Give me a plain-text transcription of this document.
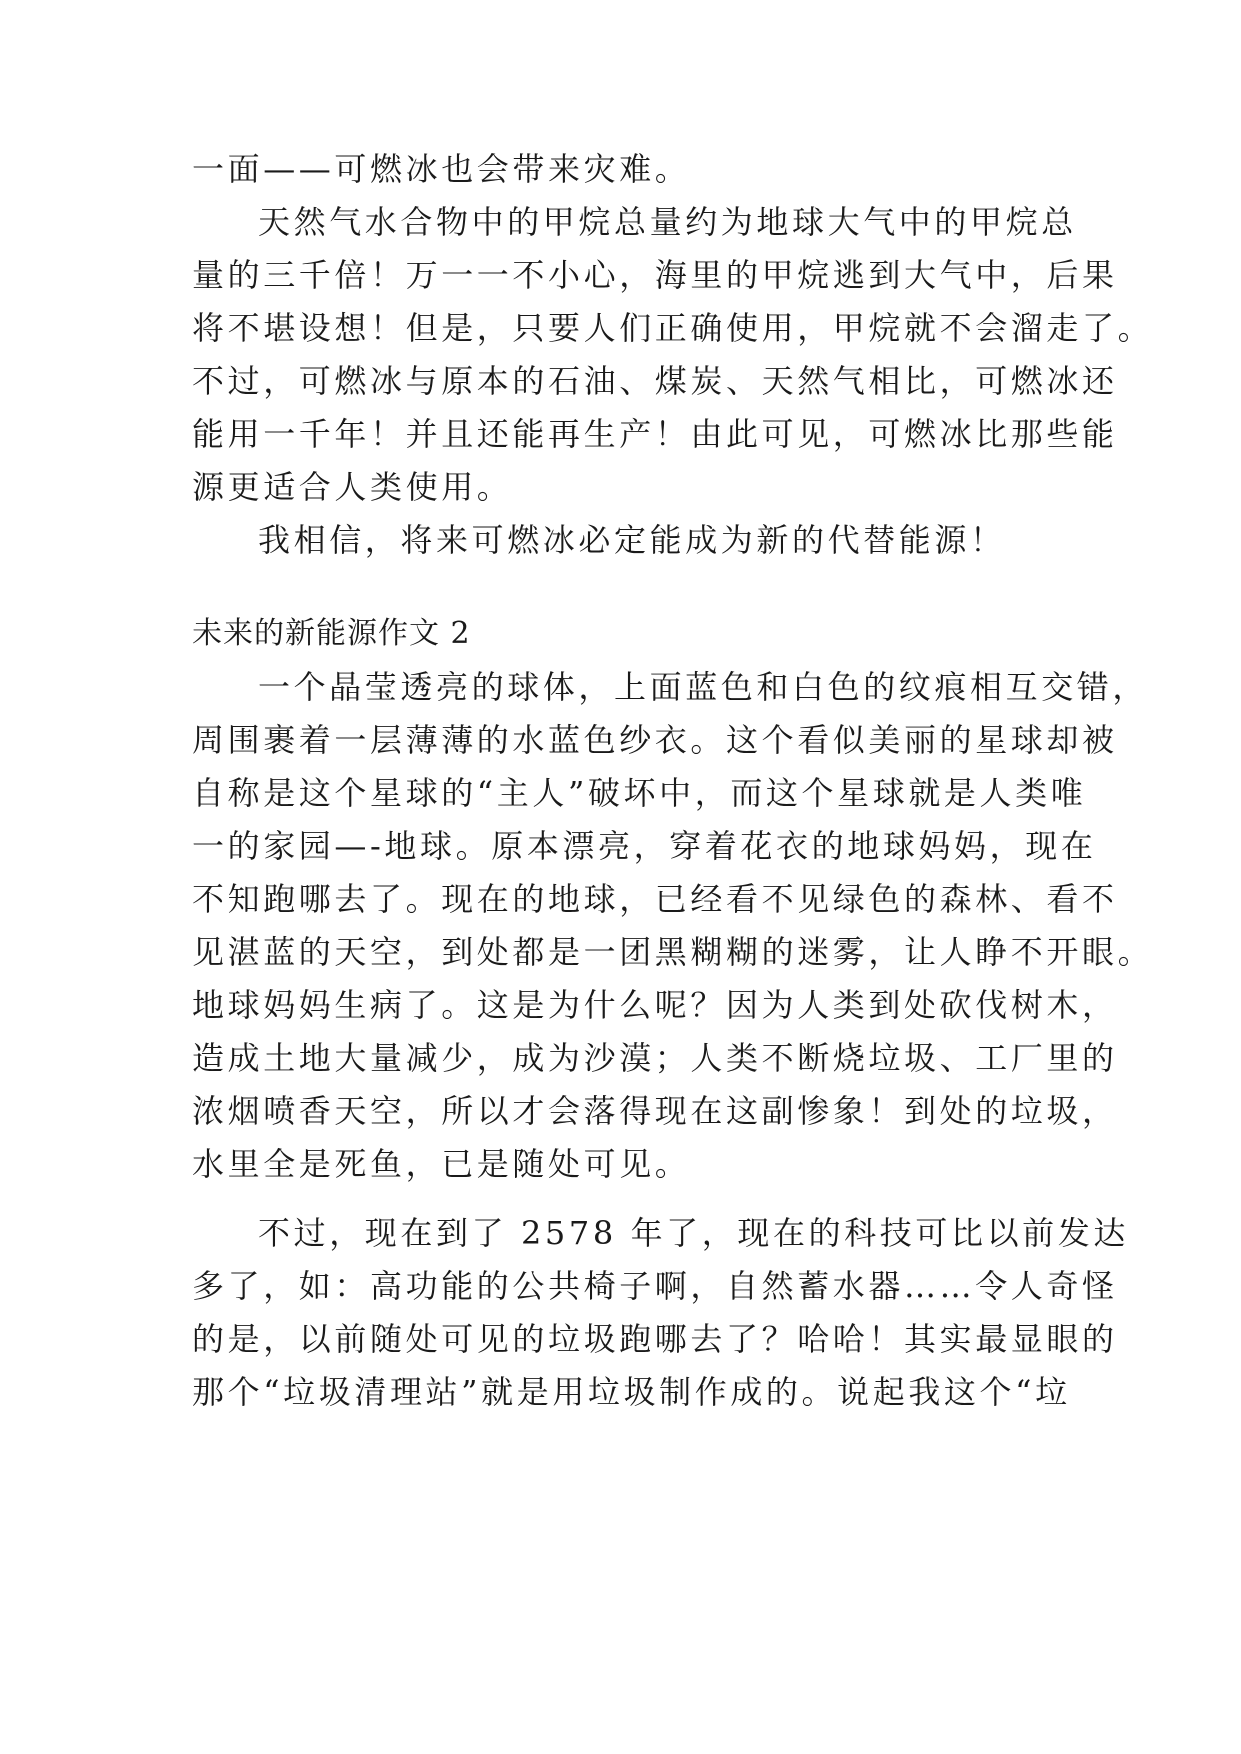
一面——可燃冰也会带来灾难。
天然气水合物中的甲烷总量约为地球大气中的甲烷总
量的三千倍！万一一不小心，海里的甲烷逃到大气中，后果
将不堪设想！但是，只要人们正确使用，甲烷就不会溜走了。
不过，可燃冰与原本的石油、煤炭、天然气相比，可燃冰还
能用一千年！并且还能再生产！由此可见，可燃冰比那些能
源更适合人类使用。
我相信，将来可燃冰必定能成为新的代替能源！
未来的新能源作文 2
一个晶莹透亮的球体，上面蓝色和白色的纹痕相互交错，
周围裹着一层薄薄的水蓝色纱衣。这个看似美丽的星球却被
自称是这个星球的“主人”破坏中，而这个星球就是人类唯
一的家园—-地球。原本漂亮，穿着花衣的地球妈妈，现在
不知跑哪去了。现在的地球，已经看不见绿色的森林、看不
见湛蓝的天空，到处都是一团黑糊糊的迷雾，让人睁不开眼。
地球妈妈生病了。这是为什么呢？因为人类到处砍伐树木，
造成土地大量减少，成为沙漠；人类不断烧垃圾、工厂里的
浓烟喷香天空，所以才会落得现在这副惨象！到处的垃圾，
水里全是死鱼，已是随处可见。
不过，现在到了 2578 年了，现在的科技可比以前发达
多了，如：高功能的公共椅子啊，自然蓄水器……令人奇怪
的是，以前随处可见的垃圾跑哪去了？哈哈！其实最显眼的
那个“垃圾清理站”就是用垃圾制作成的。说起我这个“垃
